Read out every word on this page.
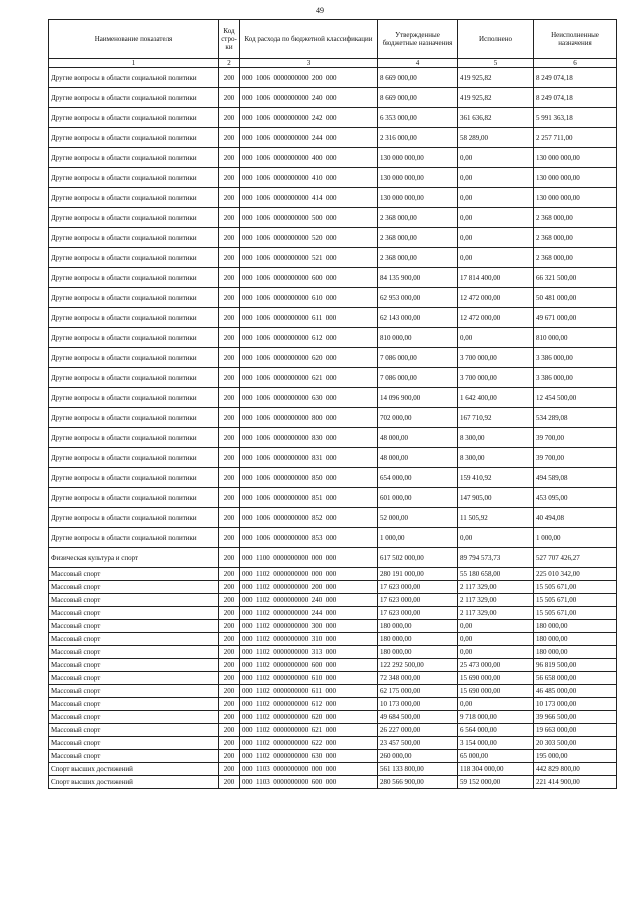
49
Наименование показателя	Код стро-ки	Код расхода по бюджетной классификации	Утвержденные бюджетные назначения	Исполнено	Неисполненные назначения
1	2	3	4	5	6
Другие вопросы в области социальной политики	200	000  1006  0000000000  200  000	8 669 000,00	419 925,82	8 249 074,18
Другие вопросы в области социальной политики	200	000  1006  0000000000  240  000	8 669 000,00	419 925,82	8 249 074,18
Другие вопросы в области социальной политики	200	000  1006  0000000000  242  000	6 353 000,00	361 636,82	5 991 363,18
Другие вопросы в области социальной политики	200	000  1006  0000000000  244  000	2 316 000,00	58 289,00	2 257 711,00
Другие вопросы в области социальной политики	200	000  1006  0000000000  400  000	130 000 000,00	0,00	130 000 000,00
Другие вопросы в области социальной политики	200	000  1006  0000000000  410  000	130 000 000,00	0,00	130 000 000,00
Другие вопросы в области социальной политики	200	000  1006  0000000000  414  000	130 000 000,00	0,00	130 000 000,00
Другие вопросы в области социальной политики	200	000  1006  0000000000  500  000	2 368 000,00	0,00	2 368 000,00
Другие вопросы в области социальной политики	200	000  1006  0000000000  520  000	2 368 000,00	0,00	2 368 000,00
Другие вопросы в области социальной политики	200	000  1006  0000000000  521  000	2 368 000,00	0,00	2 368 000,00
Другие вопросы в области социальной политики	200	000  1006  0000000000  600  000	84 135 900,00	17 814 400,00	66 321 500,00
Другие вопросы в области социальной политики	200	000  1006  0000000000  610  000	62 953 000,00	12 472 000,00	50 481 000,00
Другие вопросы в области социальной политики	200	000  1006  0000000000  611  000	62 143 000,00	12 472 000,00	49 671 000,00
Другие вопросы в области социальной политики	200	000  1006  0000000000  612  000	810 000,00	0,00	810 000,00
Другие вопросы в области социальной политики	200	000  1006  0000000000  620  000	7 086 000,00	3 700 000,00	3 386 000,00
Другие вопросы в области социальной политики	200	000  1006  0000000000  621  000	7 086 000,00	3 700 000,00	3 386 000,00
Другие вопросы в области социальной политики	200	000  1006  0000000000  630  000	14 096 900,00	1 642 400,00	12 454 500,00
Другие вопросы в области социальной политики	200	000  1006  0000000000  800  000	702 000,00	167 710,92	534 289,08
Другие вопросы в области социальной политики	200	000  1006  0000000000  830  000	48 000,00	8 300,00	39 700,00
Другие вопросы в области социальной политики	200	000  1006  0000000000  831  000	48 000,00	8 300,00	39 700,00
Другие вопросы в области социальной политики	200	000  1006  0000000000  850  000	654 000,00	159 410,92	494 589,08
Другие вопросы в области социальной политики	200	000  1006  0000000000  851  000	601 000,00	147 905,00	453 095,00
Другие вопросы в области социальной политики	200	000  1006  0000000000  852  000	52 000,00	11 505,92	40 494,08
Другие вопросы в области социальной политики	200	000  1006  0000000000  853  000	1 000,00	0,00	1 000,00
Физическая культура и спорт	200	000  1100  0000000000  000  000	617 502 000,00	89 794 573,73	527 707 426,27
Массовый спорт	200	000  1102  0000000000  000  000	280 191 000,00	55 180 658,00	225 010 342,00
Массовый спорт	200	000  1102  0000000000  200  000	17 623 000,00	2 117 329,00	15 505 671,00
Массовый спорт	200	000  1102  0000000000  240  000	17 623 000,00	2 117 329,00	15 505 671,00
Массовый спорт	200	000  1102  0000000000  244  000	17 623 000,00	2 117 329,00	15 505 671,00
Массовый спорт	200	000  1102  0000000000  300  000	180 000,00	0,00	180 000,00
Массовый спорт	200	000  1102  0000000000  310  000	180 000,00	0,00	180 000,00
Массовый спорт	200	000  1102  0000000000  313  000	180 000,00	0,00	180 000,00
Массовый спорт	200	000  1102  0000000000  600  000	122 292 500,00	25 473 000,00	96 819 500,00
Массовый спорт	200	000  1102  0000000000  610  000	72 348 000,00	15 690 000,00	56 658 000,00
Массовый спорт	200	000  1102  0000000000  611  000	62 175 000,00	15 690 000,00	46 485 000,00
Массовый спорт	200	000  1102  0000000000  612  000	10 173 000,00	0,00	10 173 000,00
Массовый спорт	200	000  1102  0000000000  620  000	49 684 500,00	9 718 000,00	39 966 500,00
Массовый спорт	200	000  1102  0000000000  621  000	26 227 000,00	6 564 000,00	19 663 000,00
Массовый спорт	200	000  1102  0000000000  622  000	23 457 500,00	3 154 000,00	20 303 500,00
Массовый спорт	200	000  1102  0000000000  630  000	260 000,00	65 000,00	195 000,00
Спорт высших достижений	200	000  1103  0000000000  000  000	561 133 800,00	118 304 000,00	442 829 800,00
Спорт высших достижений	200	000  1103  0000000000  600  000	280 566 900,00	59 152 000,00	221 414 900,00
